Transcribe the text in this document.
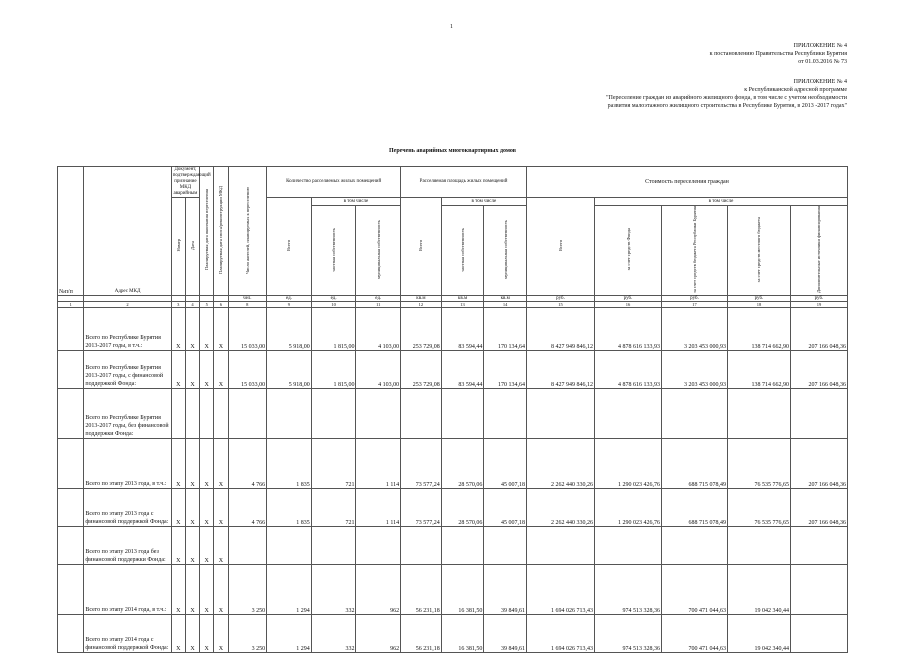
1
ПРИЛОЖЕНИЕ № 4
к постановлению Правительства Республики Бурятия
от 01.03.2016 № 73
ПРИЛОЖЕНИЕ № 4
к Республиканской адресной программе
"Переселение граждан из аварийного жилищного фонда, в том числе с учетом необходимости
развития малоэтажного жилищного строительства в Республике Бурятия, в 2013 -2017 годах"
Перечень аварийных многоквартирных домов
№п/п	Адрес МКД	Документ, подтверждающий признание МКД аварийным		Планируемая дата окончания переселения	Планируемая дата сноса/реконструкции МКД	Число жителей, планируемых к переселению	Количество расселяемых жилых помещений			Расселяемая площадь жилых помещений			Стоимость переселения граждан				
		Номер	Дата				Всего	в том числе		Всего	в том числе		Всего	в том числе			
								частная собственность	муниципальная собственность		частная собственность	муниципальная собственность		за счет средств Фонда	за счет средств бюджета Республики Бурятия	за счет средств местного бюджета	Дополнительные источники финансирования
						чел.	ед.	ед.	ед.	кв.м	кв.м	кв.м	руб.	руб.	руб.	руб.	руб.
1	2	3	4	5	6	8	9	10	11	12	13	14	15	16	17	18	19
	Всего по Республике Бурятия 2013-2017 годы, в т.ч.:	X	X	X	X	15 033,00	5 918,00	1 815,00	4 103,00	253 729,08	83 594,44	170 134,64	8 427 949 846,12	4 878 616 133,93	3 203 453 000,93	138 714 662,90	207 166 048,36
	Всего по Республике Бурятия 2013-2017 годы, с финансовой поддержкой Фонда:	X	X	X	X	15 033,00	5 918,00	1 815,00	4 103,00	253 729,08	83 594,44	170 134,64	8 427 949 846,12	4 878 616 133,93	3 203 453 000,93	138 714 662,90	207 166 048,36
	Всего по Республике Бурятия 2013-2017 годы, без финансовой поддержки Фонда:																
	Всего по этапу 2013 года, в т.ч.:	X	X	X	X	4 766	1 835	721	1 114	73 577,24	28 570,06	45 007,18	2 262 440 330,26	1 290 023 426,76	688 715 078,49	76 535 776,65	207 166 048,36
	Всего по этапу 2013 года с финансовой поддержкой Фонда:	X	X	X	X	4 766	1 835	721	1 114	73 577,24	28 570,06	45 007,18	2 262 440 330,26	1 290 023 426,76	688 715 078,49	76 535 776,65	207 166 048,36
	Всего по этапу 2013 года без финансовой поддержки Фонда:	X	X	X	X												
	Всего по этапу 2014 года, в т.ч.:	X	X	X	X	3 250	1 294	332	962	56 231,18	16 381,50	39 849,61	1 694 026 713,43	974 513 328,36	700 471 044,63	19 042 340,44	
	Всего по этапу 2014 года с финансовой поддержкой Фонда:	X	X	X	X	3 250	1 294	332	962	56 231,18	16 381,50	39 849,61	1 694 026 713,43	974 513 328,36	700 471 044,63	19 042 340,44	
